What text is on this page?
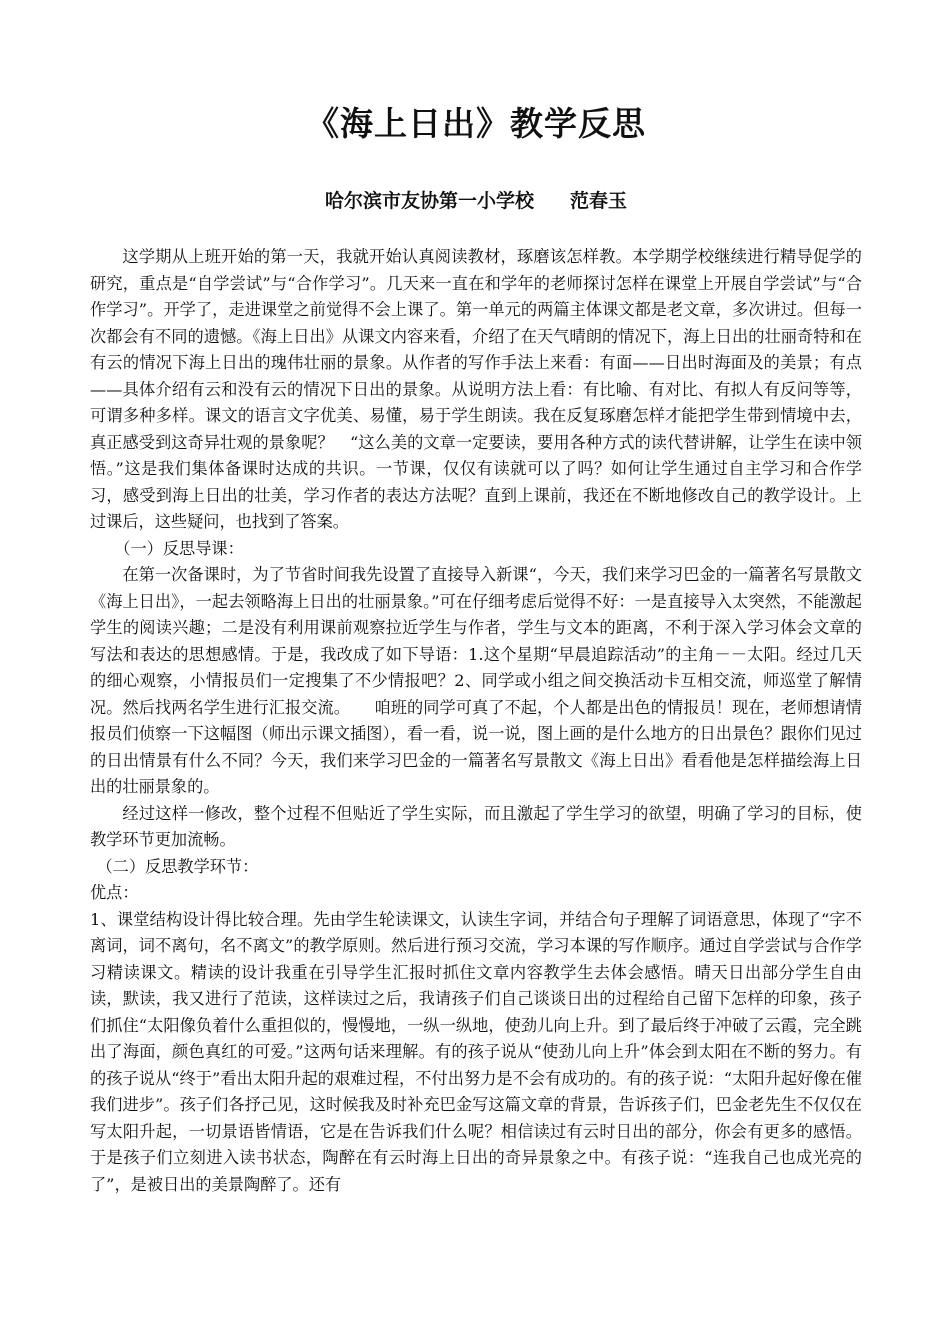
《海上日出》教学反思
哈尔滨市友协第一小学校 范春玉

这学期从上班开始的第一天，我就开始认真阅读教材，琢磨该怎样教。本学期学校继续进行精导促学的研究，重点是“自学尝试”与“合作学习”。几天来一直在和学年的老师探讨怎样在课堂上开展自学尝试”与“合作学习”。开学了，走进课堂之前觉得不会上课了。第一单元的两篇主体课文都是老文章，多次讲过。但每一次都会有不同的遗憾。《海上日出》从课文内容来看，介绍了在天气晴朗的情况下，海上日出的壮丽奇特和在有云的情况下海上日出的瑰伟壮丽的景象。从作者的写作手法上来看：有面——日出时海面及的美景；有点——具体介绍有云和没有云的情况下日出的景象。从说明方法上看：有比喻、有对比、有拟人有反问等等，可谓多种多样。课文的语言文字优美、易懂，易于学生朗读。我在反复琢磨怎样才能把学生带到情境中去，真正感受到这奇异壮观的景象呢？　“这么美的文章一定要读，要用各种方式的读代替讲解，让学生在读中领悟。”这是我们集体备课时达成的共识。一节课，仅仅有读就可以了吗？如何让学生通过自主学习和合作学习，感受到海上日出的壮美，学习作者的表达方法呢？直到上课前，我还在不断地修改自己的教学设计。上过课后，这些疑问，也找到了答案。

（一）反思导课：

在第一次备课时，为了节省时间我先设置了直接导入新课“，今天，我们来学习巴金的一篇著名写景散文《海上日出》，一起去领略海上日出的壮丽景象。”可在仔细考虑后觉得不好：一是直接导入太突然，不能激起学生的阅读兴趣；二是没有利用课前观察拉近学生与作者，学生与文本的距离，不利于深入学习体会文章的写法和表达的思想感情。于是，我改成了如下导语：1.这个星期“早晨追踪活动”的主角－－太阳。经过几天的细心观察，小情报员们一定搜集了不少情报吧？2、同学或小组之间交换活动卡互相交流，师巡堂了解情况。然后找两名学生进行汇报交流。　　咱班的同学可真了不起，个人都是出色的情报员！现在，老师想请情报员们侦察一下这幅图（师出示课文插图），看一看，说一说，图上画的是什么地方的日出景色？跟你们见过的日出情景有什么不同？今天，我们来学习巴金的一篇著名写景散文《海上日出》看看他是怎样描绘海上日出的壮丽景象的。

经过这样一修改，整个过程不但贴近了学生实际，而且激起了学生学习的欲望，明确了学习的目标，使教学环节更加流畅。

（二）反思教学环节：

优点：

1、课堂结构设计得比较合理。先由学生轮读课文，认读生字词，并结合句子理解了词语意思，体现了“字不离词，词不离句，名不离文”的教学原则。然后进行预习交流，学习本课的写作顺序。通过自学尝试与合作学习精读课文。精读的设计我重在引导学生汇报时抓住文章内容教学生去体会感悟。晴天日出部分学生自由读，默读，我又进行了范读，这样读过之后，我请孩子们自己谈谈日出的过程给自己留下怎样的印象，孩子们抓住“太阳像负着什么重担似的，慢慢地，一纵一纵地，使劲儿向上升。到了最后终于冲破了云霞，完全跳出了海面，颜色真红的可爱。”这两句话来理解。有的孩子说从“使劲儿向上升”体会到太阳在不断的努力。有的孩子说从“终于”看出太阳升起的艰难过程，不付出努力是不会有成功的。有的孩子说：“太阳升起好像在催我们进步”。孩子们各抒己见，这时候我及时补充巴金写这篇文章的背景，告诉孩子们，巴金老先生不仅仅在写太阳升起，一切景语皆情语，它是在告诉我们什么呢？相信读过有云时日出的部分，你会有更多的感悟。于是孩子们立刻进入读书状态，陶醉在有云时海上日出的奇异景象之中。有孩子说：“连我自己也成光亮的了”，是被日出的美景陶醉了。还有
